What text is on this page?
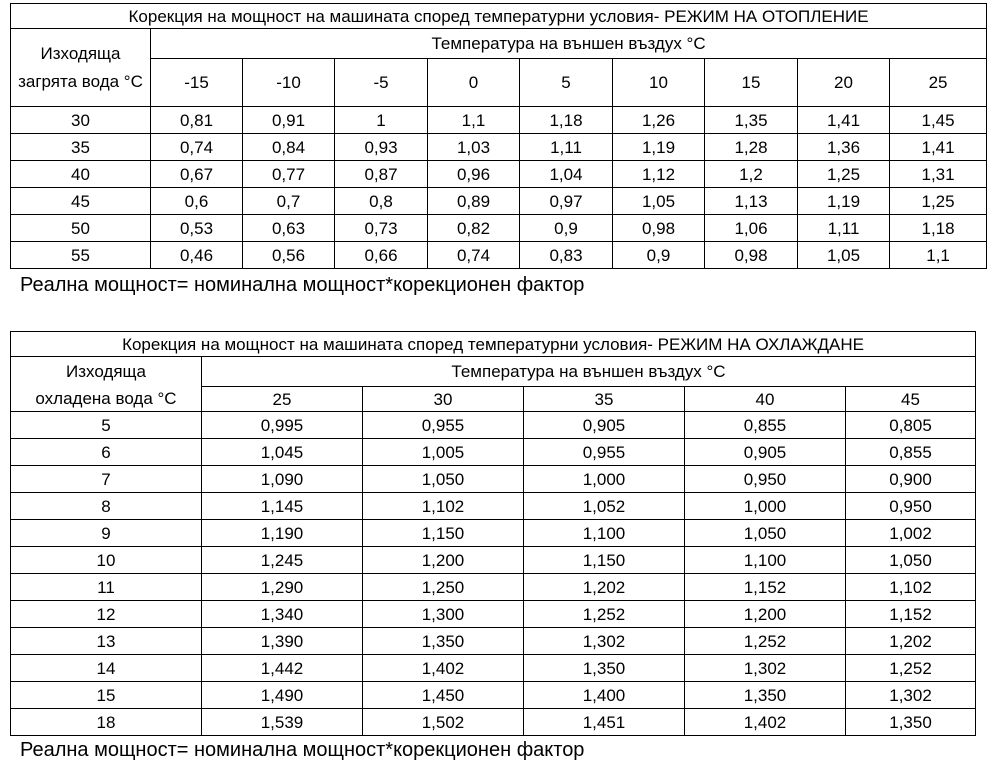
Корекция на мощност на машината според температурни условия- РЕЖИМ НА ОТОПЛЕНИЕ									
Изходяща загрята вода °C	Температура на външен въздух °C								
	-15	-10	-5	0	5	10	15	20	25
30	0,81	0,91	1	1,1	1,18	1,26	1,35	1,41	1,45
35	0,74	0,84	0,93	1,03	1,11	1,19	1,28	1,36	1,41
40	0,67	0,77	0,87	0,96	1,04	1,12	1,2	1,25	1,31
45	0,6	0,7	0,8	0,89	0,97	1,05	1,13	1,19	1,25
50	0,53	0,63	0,73	0,82	0,9	0,98	1,06	1,11	1,18
55	0,46	0,56	0,66	0,74	0,83	0,9	0,98	1,05	1,1
Реална мощност= номинална мощност*корекционен фактор
Корекция на мощност на машината според температурни условия- РЕЖИМ НА ОХЛАЖДАНЕ					
Изходяща	Температура на външен въздух °C				
охладена вода °C	25	30	35	40	45
5	0,995	0,955	0,905	0,855	0,805
6	1,045	1,005	0,955	0,905	0,855
7	1,090	1,050	1,000	0,950	0,900
8	1,145	1,102	1,052	1,000	0,950
9	1,190	1,150	1,100	1,050	1,002
10	1,245	1,200	1,150	1,100	1,050
11	1,290	1,250	1,202	1,152	1,102
12	1,340	1,300	1,252	1,200	1,152
13	1,390	1,350	1,302	1,252	1,202
14	1,442	1,402	1,350	1,302	1,252
15	1,490	1,450	1,400	1,350	1,302
18	1,539	1,502	1,451	1,402	1,350
Реална мощност= номинална мощност*корекционен фактор
